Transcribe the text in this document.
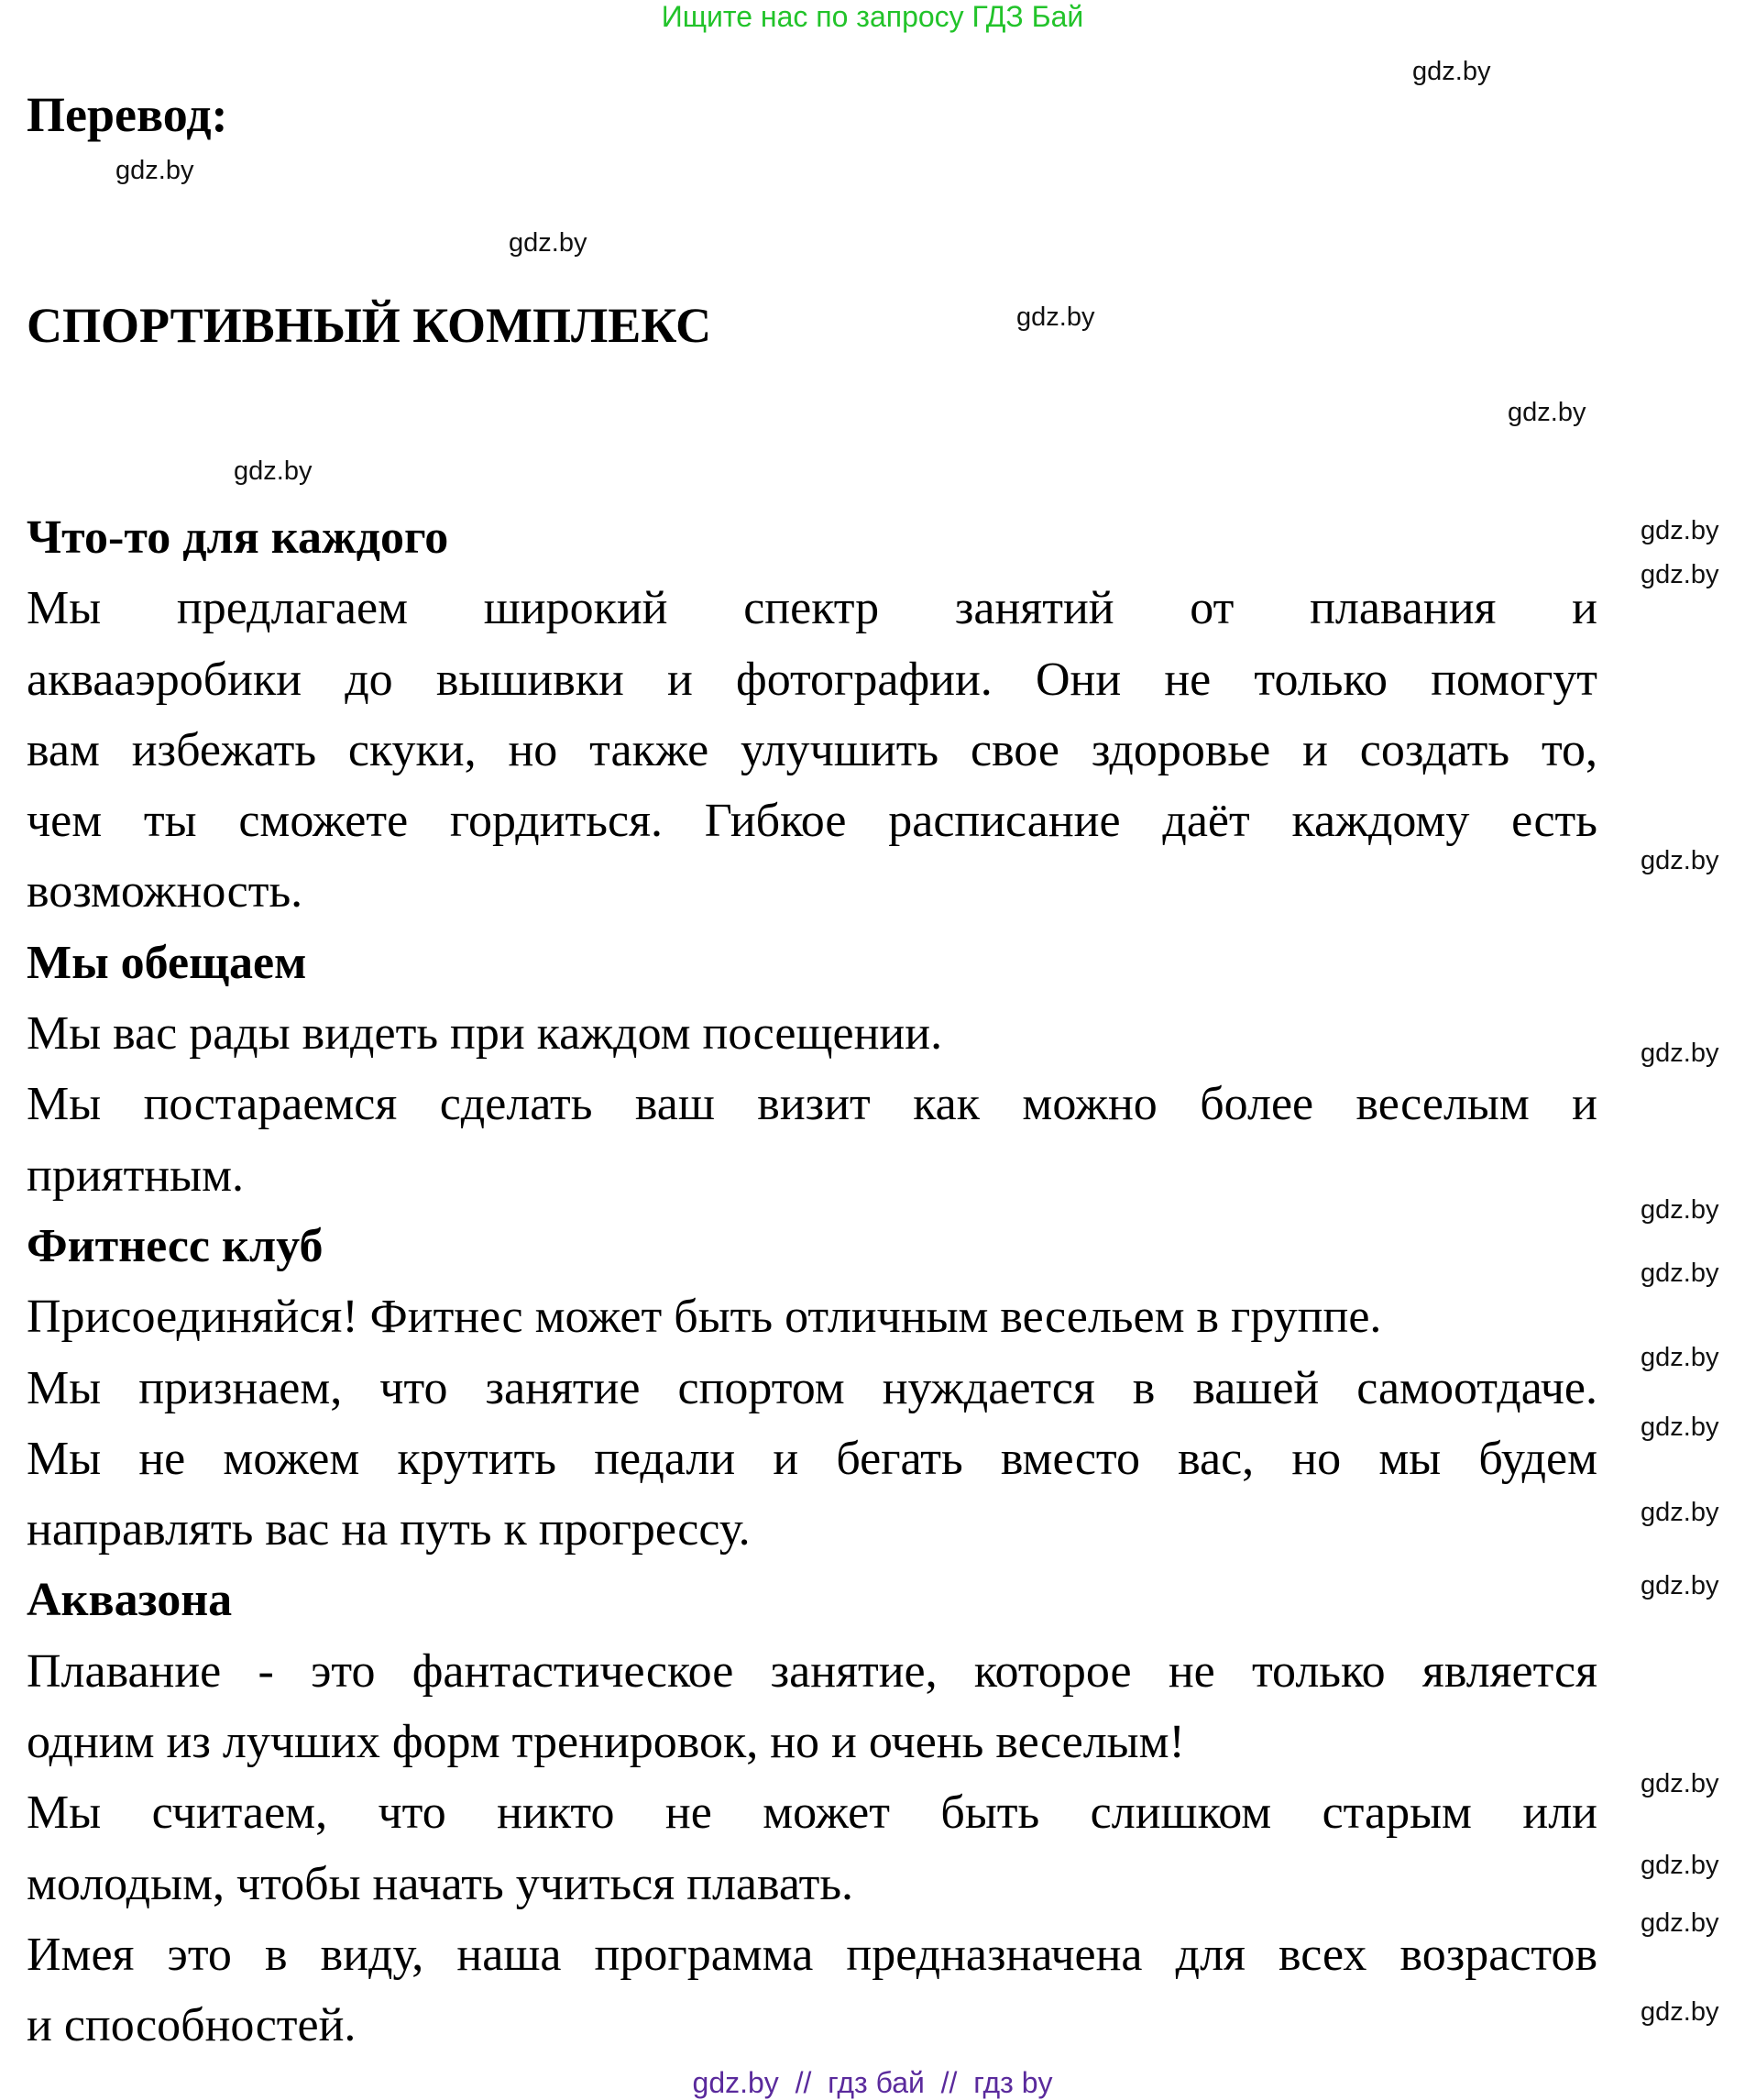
Ищите нас по запросу ГДЗ Бай
Перевод:
СПОРТИВНЫЙ КОМПЛЕКС
Что-то для каждого
Мы предлагаем широкий спектр занятий от плавания и
аквааэробики до вышивки и фотографии. Они не только помогут
вам избежать скуки, но также улучшить свое здоровье и создать то,
чем ты сможете гордиться. Гибкое расписание даёт каждому есть
возможность.
Мы обещаем
Мы вас рады видеть при каждом посещении.
Мы постараемся сделать ваш визит как можно более веселым и
приятным.
Фитнесс клуб
Присоединяйся! Фитнес может быть отличным весельем в группе.
Мы признаем, что занятие спортом нуждается в вашей самоотдаче.
Мы не можем крутить педали и бегать вместо вас, но мы будем
направлять вас на путь к прогрессу.
Аквазона
Плавание - это фантастическое занятие, которое не только является
одним из лучших форм тренировок, но и очень веселым!
Мы считаем, что никто не может быть слишком старым или
молодым, чтобы начать учиться плавать.
Имея это в виду, наша программа предназначена для всех возрастов
и способностей.
gdz.by
gdz.by
gdz.by
gdz.by
gdz.by
gdz.by
gdz.by
gdz.by
gdz.by
gdz.by
gdz.by
gdz.by
gdz.by
gdz.by
gdz.by
gdz.by
gdz.by
gdz.by
gdz.by
gdz.by
gdz.by  //  гдз бай  //  гдз by
